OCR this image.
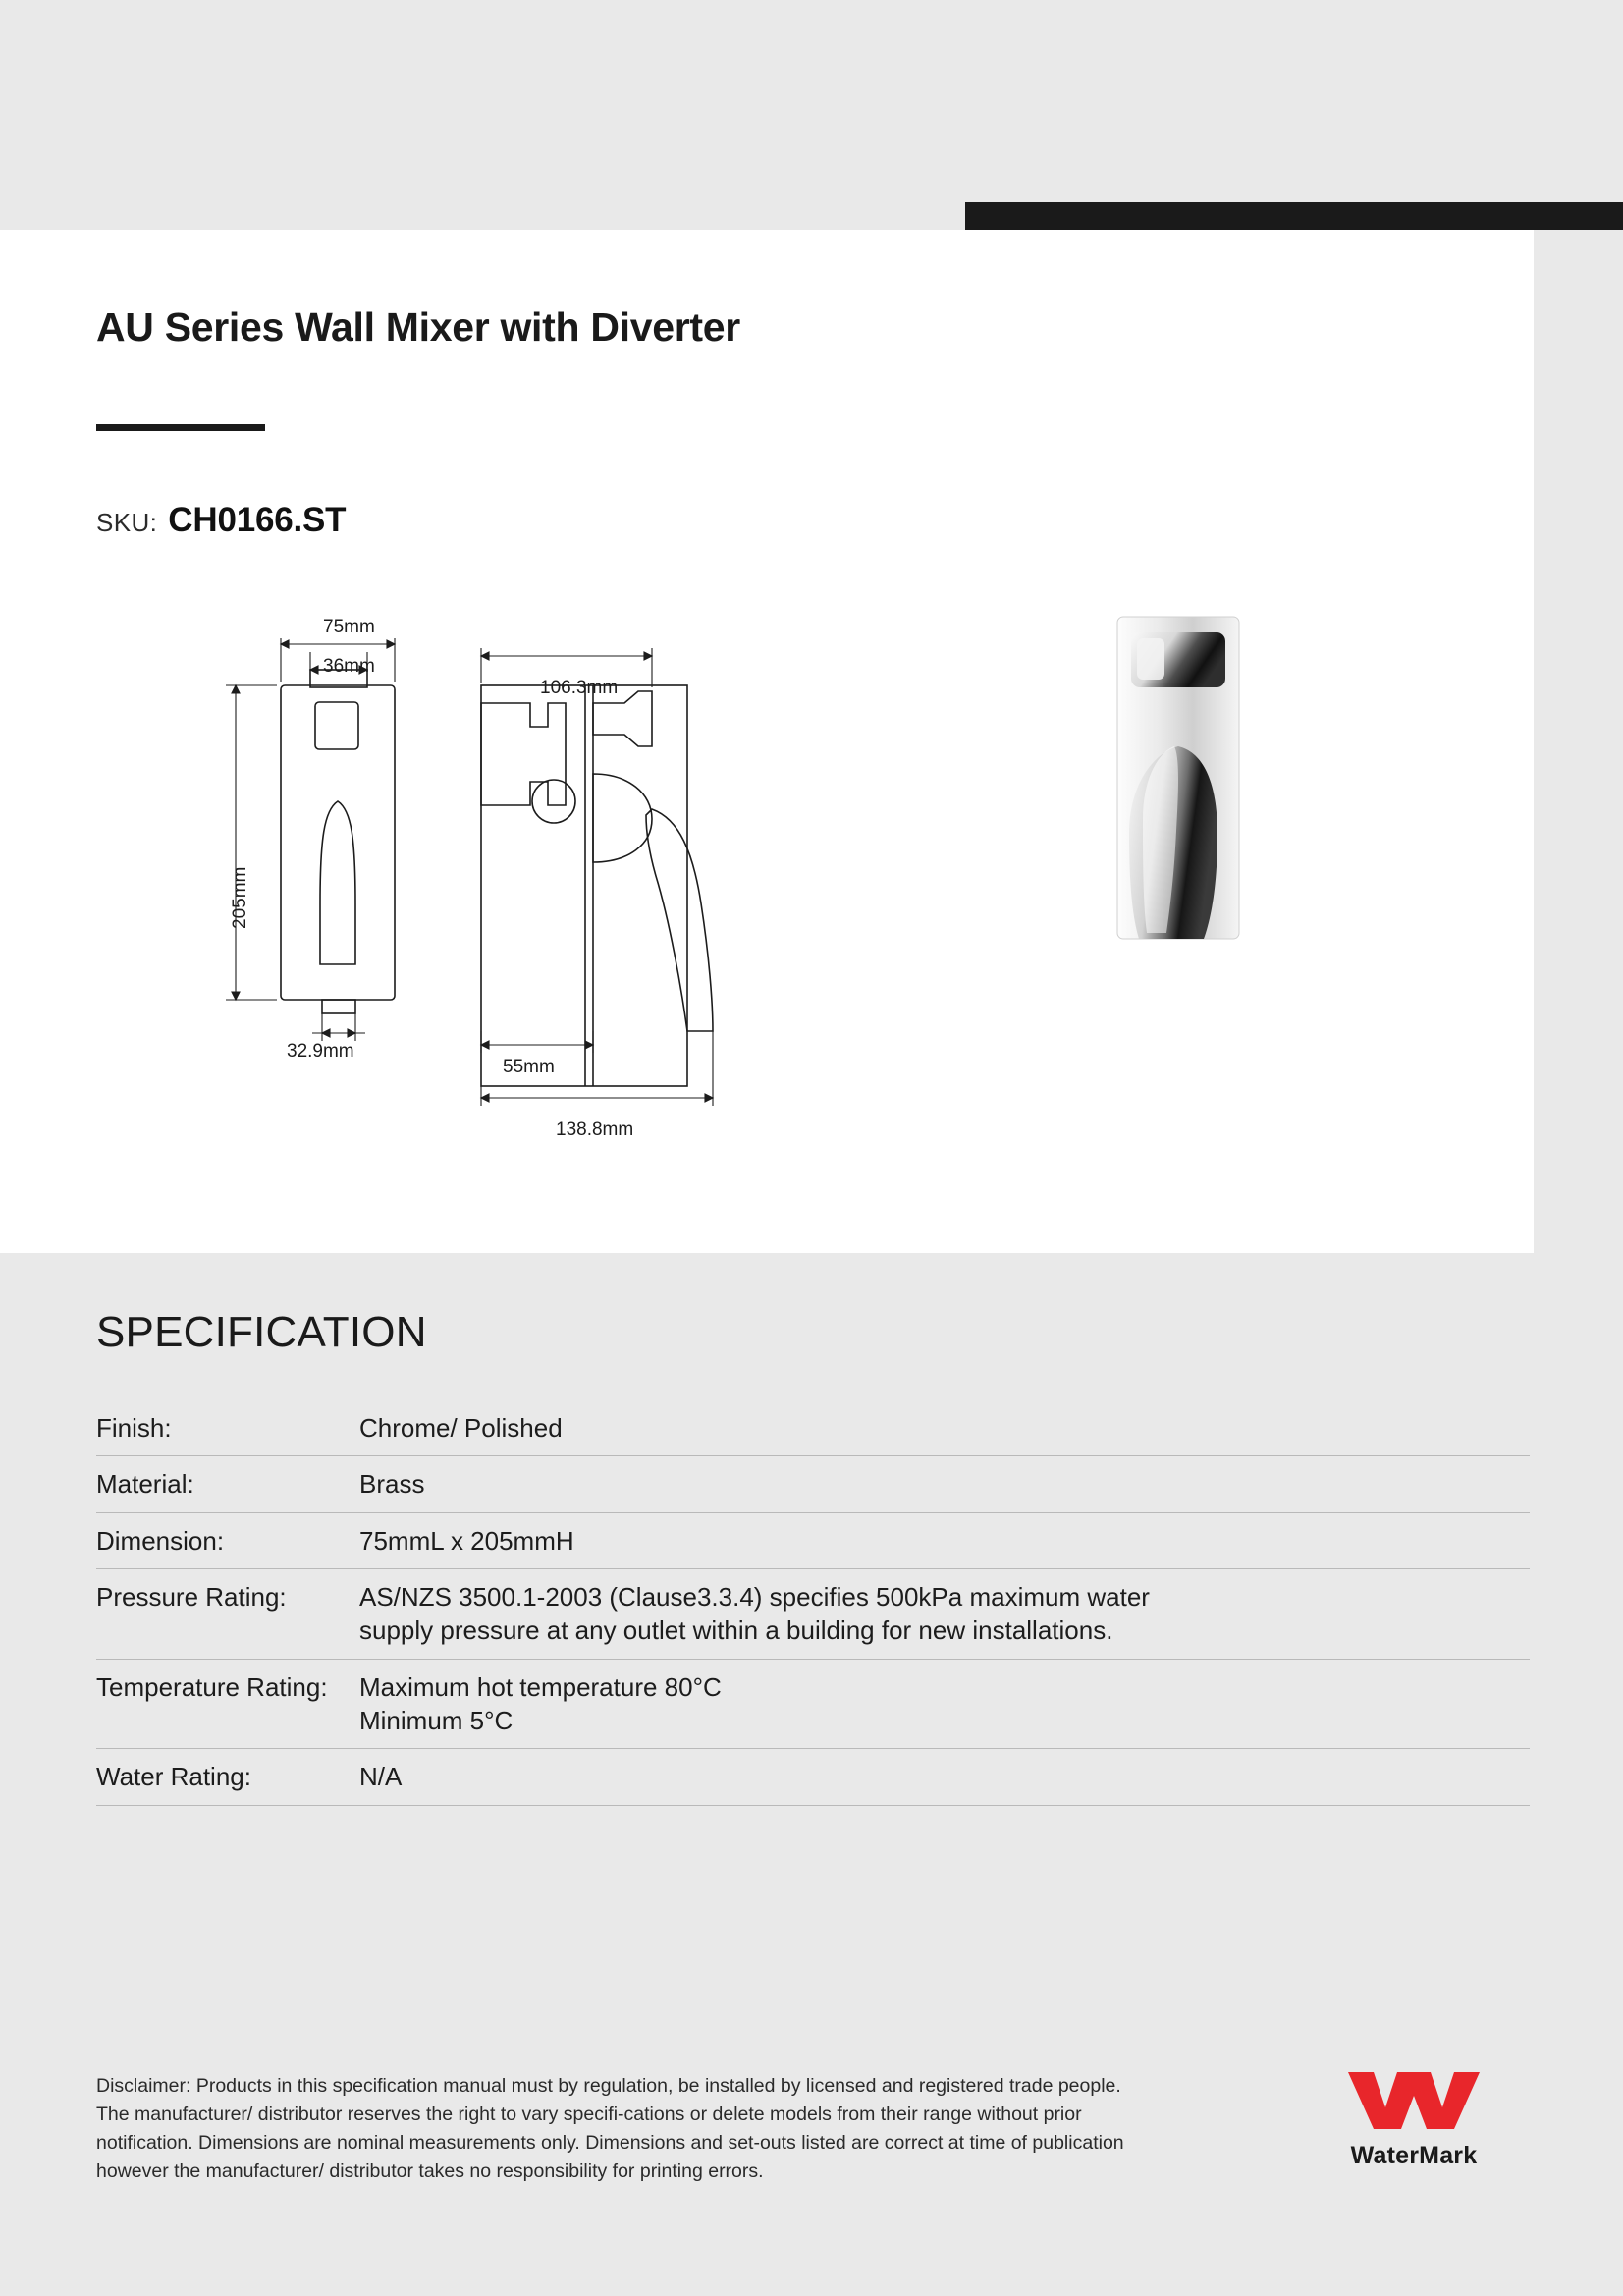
AU Series Wall Mixer with Diverter
SKU: CH0166.ST
75mm
36mm
205mm
32.9mm
106.3mm
55mm
138.8mm
SPECIFICATION
Finish:	Chrome/ Polished

Material:	Brass

Dimension:	75mmL x 205mmH

Pressure Rating:	AS/NZS 3500.1-2003 (Clause3.3.4) specifies 500kPa maximum water
supply pressure at any outlet within a building for new installations.

Temperature Rating:	Maximum hot temperature 80°C
Minimum 5°C

Water Rating:	N/A
Disclaimer: Products in this specification manual must by regulation, be installed by licensed and registered trade people. The manufacturer/ distributor reserves the right to vary specifi-cations or delete models from their range without prior notification. Dimensions are nominal measurements only. Dimensions and set-outs listed are correct at time of publication however the manufacturer/ distributor takes no responsibility for printing errors.
WaterMark
